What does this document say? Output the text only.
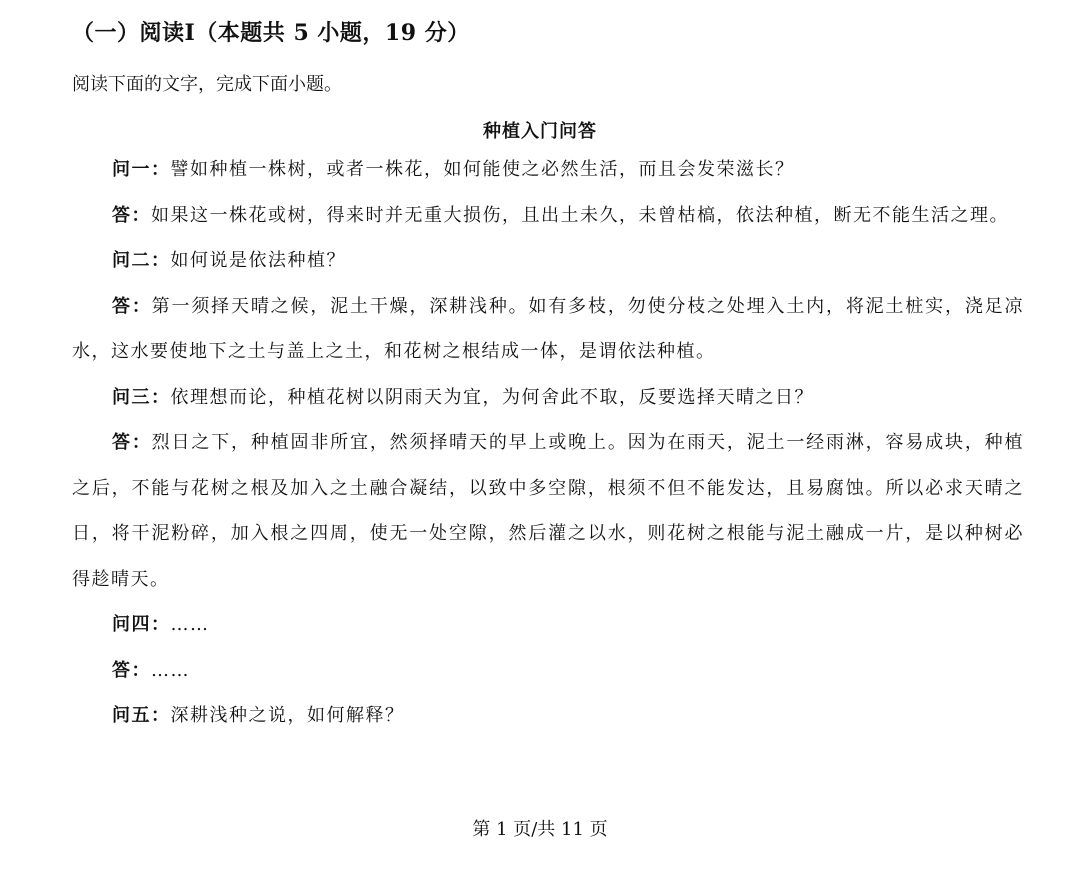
（一）阅读I（本题共 5 小题，19 分）
阅读下面的文字，完成下面小题。
种植入门问答

问一：譬如种植一株树，或者一株花，如何能使之必然生活，而且会发荣滋长？

答：如果这一株花或树，得来时并无重大损伤，且出土未久，未曾枯槁，依法种植，断无不能生活之理。

问二：如何说是依法种植？

答：第一须择天晴之候，泥土干燥，深耕浅种。如有多枝，勿使分枝之处埋入土内，将泥土桩实，浇足凉水，这水要使地下之土与盖上之土，和花树之根结成一体，是谓依法种植。

问三：依理想而论，种植花树以阴雨天为宜，为何舍此不取，反要选择天晴之日？

答：烈日之下，种植固非所宜，然须择晴天的早上或晚上。因为在雨天，泥土一经雨淋，容易成块，种植之后，不能与花树之根及加入之土融合凝结，以致中多空隙，根须不但不能发达，且易腐蚀。所以必求天晴之日，将干泥粉碎，加入根之四周，使无一处空隙，然后灌之以水，则花树之根能与泥土融成一片，是以种树必得趁晴天。

问四：……

答：……

问五：深耕浅种之说，如何解释？

第 1 页/共 11 页
